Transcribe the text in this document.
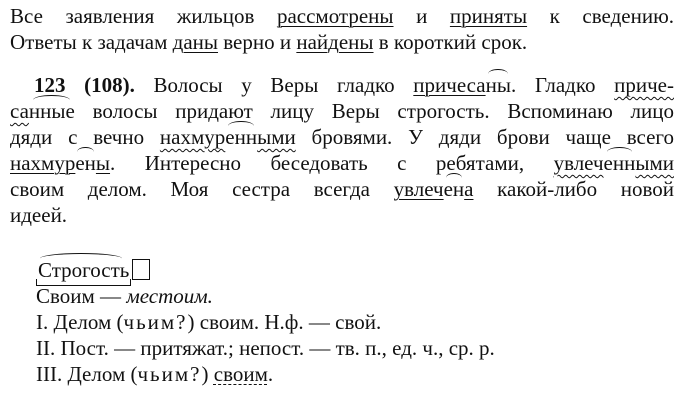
Все заявления жильцов рассмотрены и приняты к сведению.
Ответы к задачам даны верно и найдены в короткий срок.
123 (108). Волосы у Веры гладко причесаны. Гладко приче-
санные волосы придают лицу Веры строгость. Вспоминаю лицо
дяди с вечно нахмуренными бровями. У дяди брови чаще всего
нахмурены. Интересно беседовать с ребятами, увлеченными
своим делом. Моя сестра всегда увлечена какой-либо новой
идеей.
Строгость
Своим — местоим.
I. Делом (чьим?) своим. Н.ф. — свой.
II. Пост. — притяжат.; непост. — тв. п., ед. ч., ср. р.
III. Делом (чьим?) своим.
